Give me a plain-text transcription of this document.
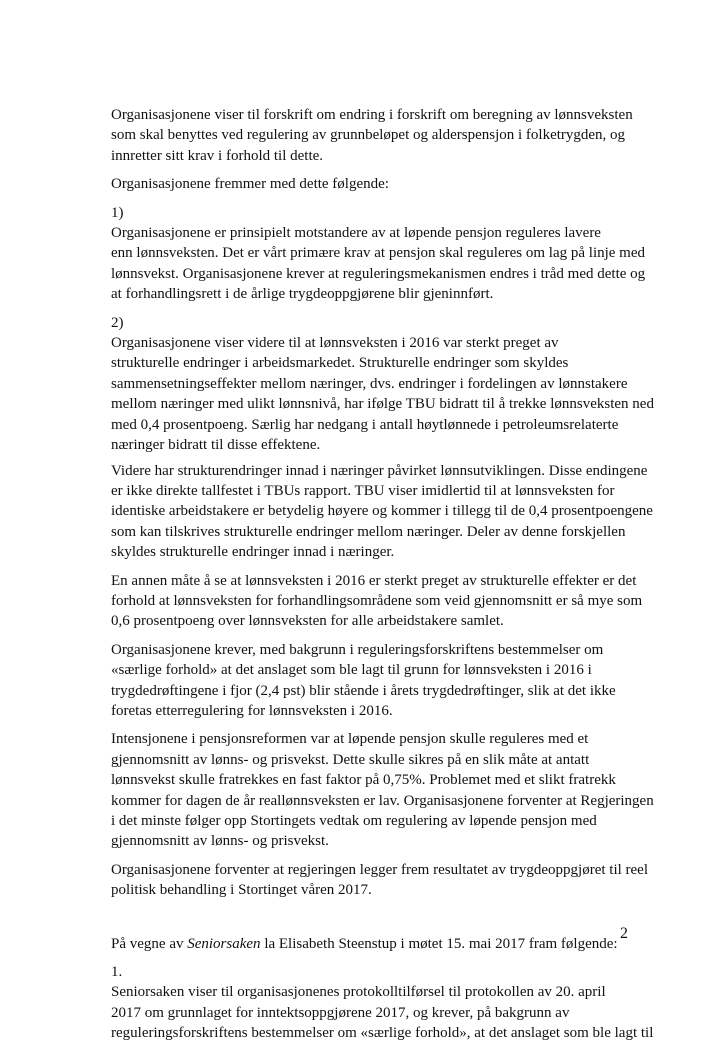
Organisasjonene viser til forskrift om endring i forskrift om beregning av lønnsveksten
som skal benyttes ved regulering av grunnbeløpet og alderspensjon i folketrygden, og
innretter sitt krav i forhold til dette.

Organisasjonene fremmer med dette følgende:

1)
Organisasjonene er prinsipielt motstandere av at løpende pensjon reguleres lavere
enn lønnsveksten. Det er vårt primære krav at pensjon skal reguleres om lag på linje med
lønnsvekst. Organisasjonene krever at reguleringsmekanismen endres i tråd med dette og
at forhandlingsrett i de årlige trygdeoppgjørene blir gjeninnført.
2)
Organisasjonene viser videre til at lønnsveksten i 2016 var sterkt preget av
strukturelle endringer i arbeidsmarkedet. Strukturelle endringer som skyldes
sammensetningseffekter mellom næringer, dvs. endringer i fordelingen av lønnstakere
mellom næringer med ulikt lønnsnivå, har ifølge TBU bidratt til å trekke lønnsveksten ned
med 0,4 prosentpoeng. Særlig har nedgang i antall høytlønnede i petroleumsrelaterte
næringer bidratt til disse effektene.
Videre har strukturendringer innad i næringer påvirket lønnsutviklingen. Disse endingene
er ikke direkte tallfestet i TBUs rapport. TBU viser imidlertid til at lønnsveksten for
identiske arbeidstakere er betydelig høyere og kommer i tillegg til de 0,4 prosentpoengene
som kan tilskrives strukturelle endringer mellom næringer. Deler av denne forskjellen
skyldes strukturelle endringer innad i næringer.
En annen måte å se at lønnsveksten i 2016 er sterkt preget av strukturelle effekter er det
forhold at lønnsveksten for forhandlingsområdene som veid gjennomsnitt er så mye som
0,6 prosentpoeng over lønnsveksten for alle arbeidstakere samlet.
Organisasjonene krever, med bakgrunn i reguleringsforskriftens bestemmelser om
«særlige forhold» at det anslaget som ble lagt til grunn for lønnsveksten i 2016 i
trygdedrøftingene i fjor (2,4 pst) blir stående i årets trygdedrøftinger, slik at det ikke
foretas etterregulering for lønnsveksten i 2016.
Intensjonene i pensjonsreformen var at løpende pensjon skulle reguleres med et
gjennomsnitt av lønns- og prisvekst. Dette skulle sikres på en slik måte at antatt
lønnsvekst skulle fratrekkes en fast faktor på 0,75%. Problemet med et slikt fratrekk
kommer for dagen de år reallønnsveksten er lav. Organisasjonene forventer at Regjeringen
i det minste følger opp Stortingets vedtak om regulering av løpende pensjon med
gjennomsnitt av lønns- og prisvekst.
Organisasjonene forventer at regjeringen legger frem resultatet av trygdeoppgjøret til reel
politisk behandling i Stortinget våren 2017.

På vegne av Seniorsaken la Elisabeth Steenstup i møtet 15. mai 2017 fram følgende:

1.
Seniorsaken viser til organisasjonenes protokolltilførsel til protokollen av 20. april
2017 om grunnlaget for inntektsoppgjørene 2017, og krever, på bakgrunn av
reguleringsforskriftens bestemmelser om «særlige forhold», at det anslaget som ble lagt til
2
